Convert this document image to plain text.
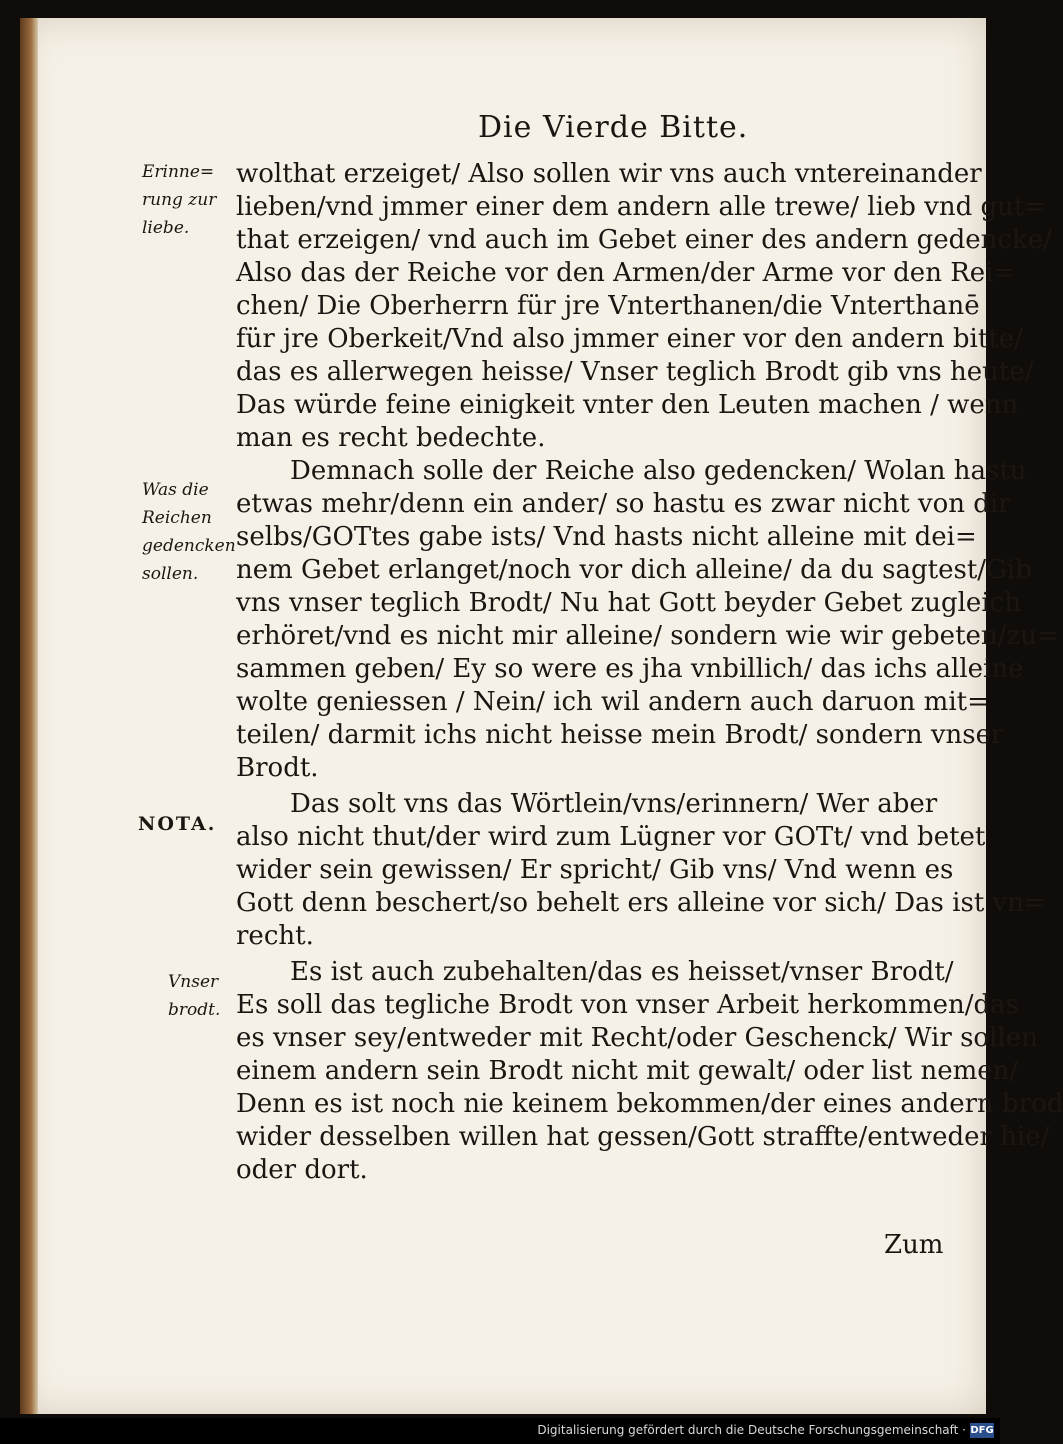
Die Vierde Bitte.
Erinne=
rung zur
liebe.
Was die
Reichen
gedencken
sollen.
NOTA.
Vnser
brodt.
wolthat erzeiget/ Also sollen wir vns auch vntereinander
lieben/vnd jmmer einer dem andern alle trewe/ lieb vnd gut=
that erzeigen/ vnd auch im Gebet einer des andern gedencke/
Also das der Reiche vor den Armen/der Arme vor den Rei=
chen/ Die Oberherrn für jre Vnterthanen/die Vnterthanē
für jre Oberkeit/Vnd also jmmer einer vor den andern bitte/
das es allerwegen heisse/ Vnser teglich Brodt gib vns heute/
Das würde feine einigkeit vnter den Leuten machen / wenn
man es recht bedechte.
Demnach solle der Reiche also gedencken/ Wolan hastu
etwas mehr/denn ein ander/ so hastu es zwar nicht von dir
selbs/GOTtes gabe ists/ Vnd hasts nicht alleine mit dei=
nem Gebet erlanget/noch vor dich alleine/ da du sagtest/Gib
vns vnser teglich Brodt/ Nu hat Gott beyder Gebet zugleich
erhöret/vnd es nicht mir alleine/ sondern wie wir gebeten/zu=
sammen geben/ Ey so were es jha vnbillich/ das ichs alleine
wolte geniessen / Nein/ ich wil andern auch daruon mit=
teilen/ darmit ichs nicht heisse mein Brodt/ sondern vnser
Brodt.
Das solt vns das Wörtlein/vns/erinnern/ Wer aber
also nicht thut/der wird zum Lügner vor GOTt/ vnd betet
wider sein gewissen/ Er spricht/ Gib vns/ Vnd wenn es
Gott denn beschert/so behelt ers alleine vor sich/ Das ist vn=
recht.
Es ist auch zubehalten/das es heisset/vnser Brodt/
Es soll das tegliche Brodt von vnser Arbeit herkommen/das
es vnser sey/entweder mit Recht/oder Geschenck/ Wir sollen
einem andern sein Brodt nicht mit gewalt/ oder list nemen/
Denn es ist noch nie keinem bekommen/der eines andern brod
wider desselben willen hat gessen/Gott straffte/entweder hie/
oder dort.
Zum
Digitalisierung gefördert durch die Deutsche Forschungsgemeinschaft · DFG
